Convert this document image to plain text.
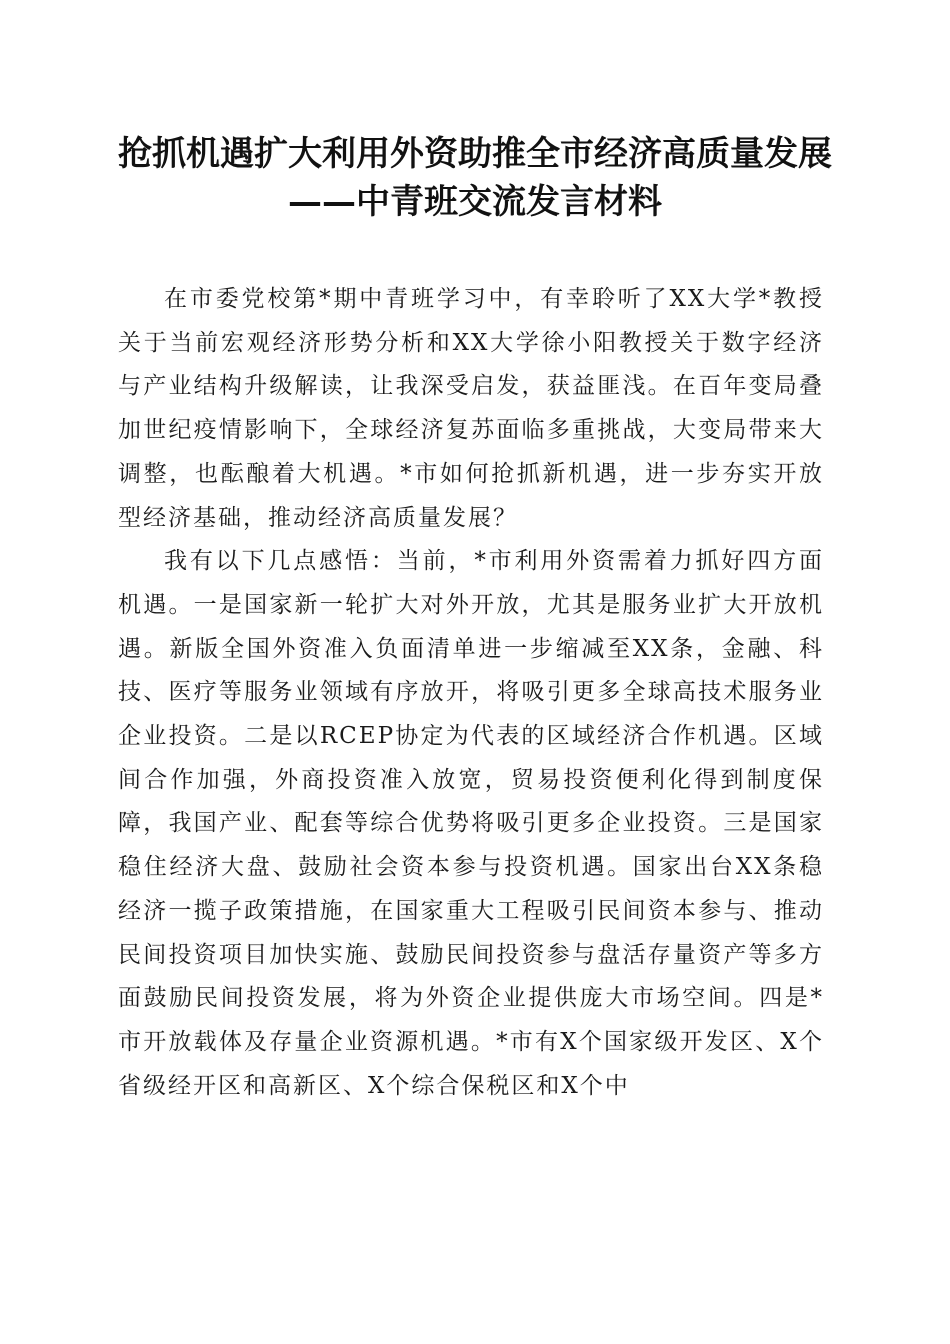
抢抓机遇扩大利用外资助推全市经济高质量发展——中青班交流发言材料

在市委党校第*期中青班学习中，有幸聆听了XX大学*教授关于当前宏观经济形势分析和XX大学徐小阳教授关于数字经济与产业结构升级解读，让我深受启发，获益匪浅。在百年变局叠加世纪疫情影响下，全球经济复苏面临多重挑战，大变局带来大调整，也酝酿着大机遇。*市如何抢抓新机遇，进一步夯实开放型经济基础，推动经济高质量发展？

我有以下几点感悟：当前，*市利用外资需着力抓好四方面机遇。一是国家新一轮扩大对外开放，尤其是服务业扩大开放机遇。新版全国外资准入负面清单进一步缩减至XX条，金融、科技、医疗等服务业领域有序放开，将吸引更多全球高技术服务业企业投资。二是以RCEP协定为代表的区域经济合作机遇。区域间合作加强，外商投资准入放宽，贸易投资便利化得到制度保障，我国产业、配套等综合优势将吸引更多企业投资。三是国家稳住经济大盘、鼓励社会资本参与投资机遇。国家出台XX条稳经济一揽子政策措施，在国家重大工程吸引民间资本参与、推动民间投资项目加快实施、鼓励民间投资参与盘活存量资产等多方面鼓励民间投资发展，将为外资企业提供庞大市场空间。四是*市开放载体及存量企业资源机遇。*市有X个国家级开发区、X个省级经开区和高新区、X个综合保税区和X个中
